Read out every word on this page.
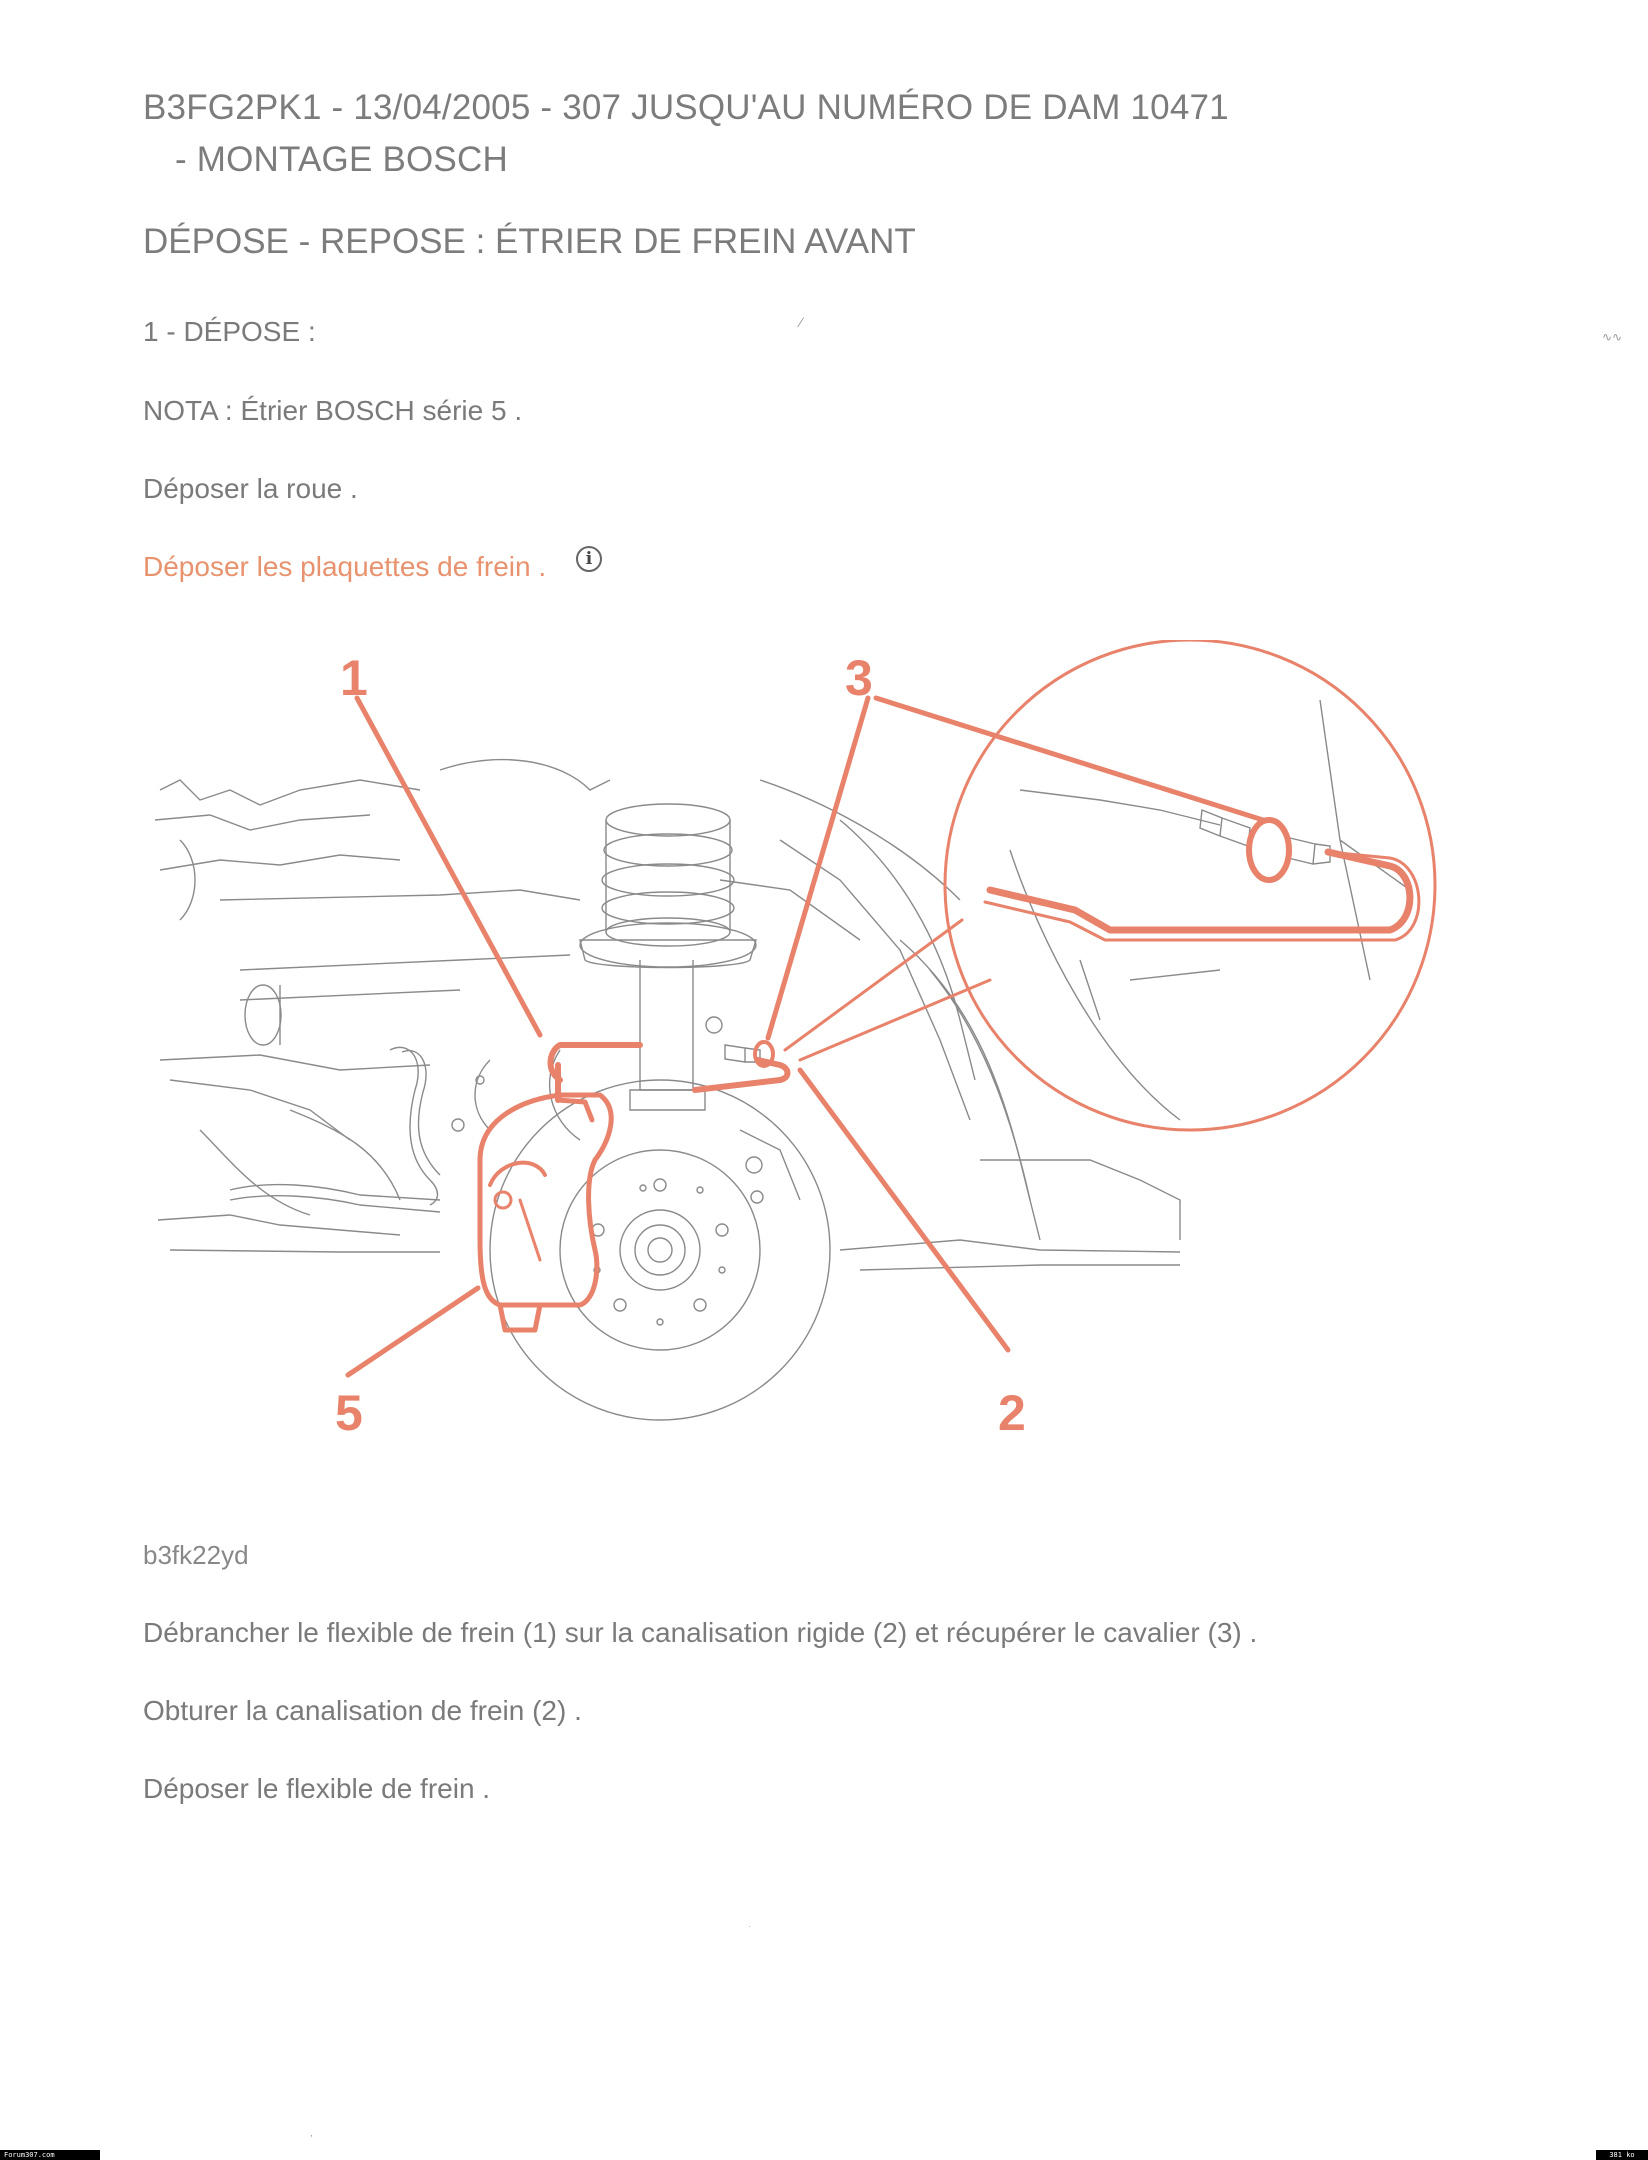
B3FG2PK1 - 13/04/2005 - 307 JUSQU'AU NUMÉRO DE DAM 10471
- MONTAGE BOSCH
DÉPOSE - REPOSE : ÉTRIER DE FREIN AVANT
1 - DÉPOSE :
NOTA : Étrier BOSCH série 5 .
Déposer la roue .
Déposer les plaquettes de frein .	i
⁄
∿∿
1	3
5	2
b3fk22yd
Débrancher le flexible de frein (1) sur la canalisation rigide (2) et récupérer le cavalier (3) .
Obturer la canalisation de frein (2) .
Déposer le flexible de frein .
·
,
Forum307.com	381 ko
